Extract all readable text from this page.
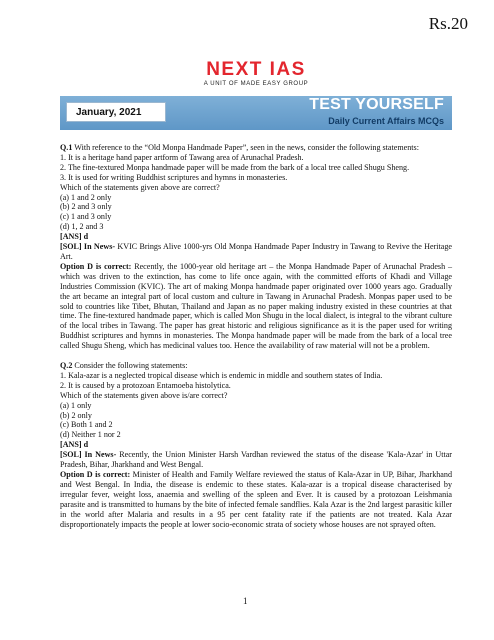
Rs.20
NEXT IAS
A UNIT OF MADE EASY GROUP
January, 2021	TEST YOURSELF
Daily Current Affairs MCQs

Q.1 With reference to the “Old Monpa Handmade Paper”, seen in the news, consider the following statements:

1. It is a heritage hand paper artform of Tawang area of Arunachal Pradesh.

2. The fine-textured Monpa handmade paper will be made from the bark of a local tree called Shugu Sheng.

3. It is used for writing Buddhist scriptures and hymns in monasteries.

Which of the statements given above are correct?

(a) 1 and 2 only

(b) 2 and 3 only

(c) 1 and 3 only

(d) 1, 2 and 3

[ANS] d

[SOL] In News- KVIC Brings Alive 1000-yrs Old Monpa Handmade Paper Industry in Tawang to Revive the Heritage Art.

Option D is correct: Recently, the 1000-year old heritage art – the Monpa Handmade Paper of Arunachal Pradesh – which was driven to the extinction, has come to life once again, with the committed efforts of Khadi and Village Industries Commission (KVIC). The art of making Monpa handmade paper originated over 1000 years ago. Gradually the art became an integral part of local custom and culture in Tawang in Arunachal Pradesh. Monpas paper used to be sold to countries like Tibet, Bhutan, Thailand and Japan as no paper making industry existed in these countries at that time. The fine-textured handmade paper, which is called Mon Shugu in the local dialect, is integral to the vibrant culture of the local tribes in Tawang. The paper has great historic and religious significance as it is the paper used for writing Buddhist scriptures and hymns in monasteries. The Monpa handmade paper will be made from the bark of a local tree called Shugu Sheng, which has medicinal values too. Hence the availability of raw material will not be a problem.

Q.2 Consider the following statements:

1. Kala-azar is a neglected tropical disease which is endemic in middle and southern states of India.

2. It is caused by a protozoan Entamoeba histolytica.

Which of the statements given above is/are correct?

(a) 1 only

(b) 2 only

(c) Both 1 and 2

(d) Neither 1 nor 2

[ANS] d

[SOL] In News- Recently, the Union Minister Harsh Vardhan reviewed the status of the disease 'Kala-Azar' in Uttar Pradesh, Bihar, Jharkhand and West Bengal.

Option D is correct: Minister of Health and Family Welfare reviewed the status of Kala-Azar in UP, Bihar, Jharkhand and West Bengal. In India, the disease is endemic to these states. Kala-azar is a tropical disease characterised by irregular fever, weight loss, anaemia and swelling of the spleen and Ever. It is caused by a protozoan Leishmania parasite and is transmitted to humans by the bite of infected female sandflies. Kala Azar is the 2nd largest parasitic killer in the world after Malaria and results in a 95 per cent fatality rate if the patients are not treated. Kala Azar disproportionately impacts the people at lower socio-economic strata of society whose houses are not sprayed often.

1
